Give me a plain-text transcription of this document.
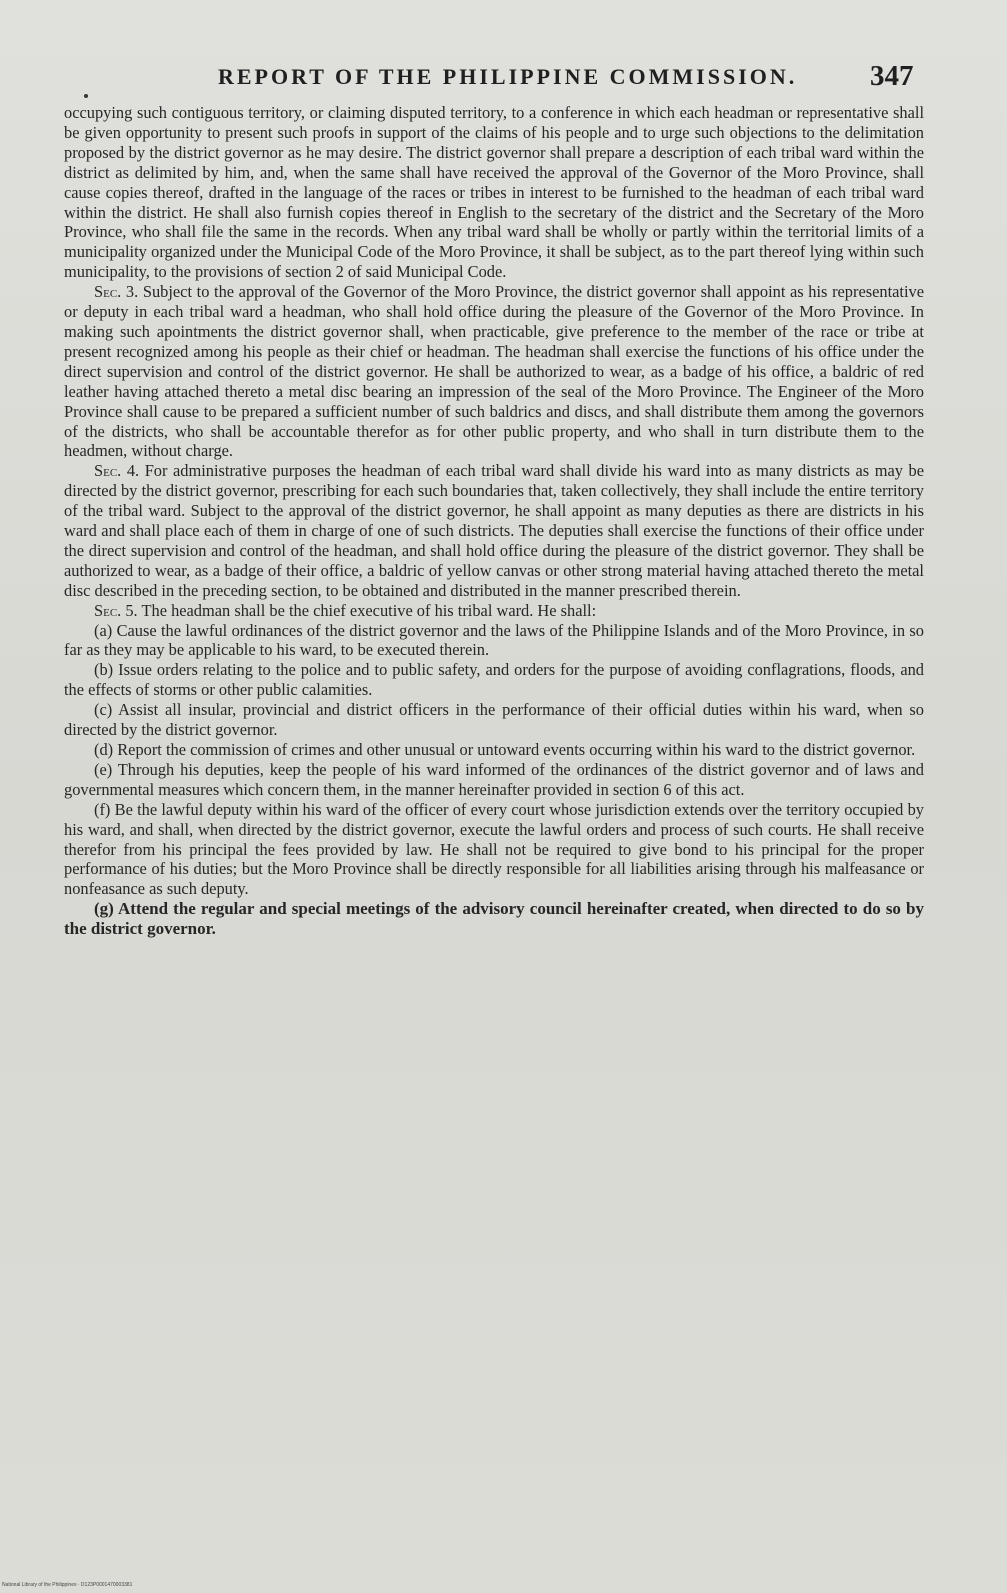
REPORT OF THE PHILIPPINE COMMISSION.	347

occupying such contiguous territory, or claiming disputed territory, to a conference in which each headman or representative shall be given opportunity to present such proofs in support of the claims of his people and to urge such objections to the delimitation proposed by the district governor as he may desire. The district governor shall prepare a description of each tribal ward within the district as delimited by him, and, when the same shall have received the approval of the Governor of the Moro Province, shall cause copies thereof, drafted in the language of the races or tribes in interest to be furnished to the headman of each tribal ward within the district. He shall also furnish copies thereof in English to the secretary of the district and the Secretary of the Moro Province, who shall file the same in the records. When any tribal ward shall be wholly or partly within the territorial limits of a municipality organized under the Municipal Code of the Moro Province, it shall be subject, as to the part thereof lying within such municipality, to the provisions of section 2 of said Municipal Code.

Sec. 3. Subject to the approval of the Governor of the Moro Province, the district governor shall appoint as his representative or deputy in each tribal ward a headman, who shall hold office during the pleasure of the Governor of the Moro Province. In making such apointments the district governor shall, when practicable, give preference to the member of the race or tribe at present recognized among his people as their chief or headman. The headman shall exercise the functions of his office under the direct supervision and control of the district governor. He shall be authorized to wear, as a badge of his office, a baldric of red leather having attached thereto a metal disc bearing an impression of the seal of the Moro Province. The Engineer of the Moro Province shall cause to be prepared a sufficient number of such baldrics and discs, and shall distribute them among the governors of the districts, who shall be accountable therefor as for other public property, and who shall in turn distribute them to the headmen, without charge.

Sec. 4. For administrative purposes the headman of each tribal ward shall divide his ward into as many districts as may be directed by the district governor, prescribing for each such boundaries that, taken collectively, they shall include the entire territory of the tribal ward. Subject to the approval of the district governor, he shall appoint as many deputies as there are districts in his ward and shall place each of them in charge of one of such districts. The deputies shall exercise the functions of their office under the direct supervision and control of the headman, and shall hold office during the pleasure of the district governor. They shall be authorized to wear, as a badge of their office, a baldric of yellow canvas or other strong material having attached thereto the metal disc described in the preceding section, to be obtained and distributed in the manner prescribed therein.

Sec. 5. The headman shall be the chief executive of his tribal ward. He shall:

(a) Cause the lawful ordinances of the district governor and the laws of the Philippine Islands and of the Moro Province, in so far as they may be applicable to his ward, to be executed therein.

(b) Issue orders relating to the police and to public safety, and orders for the purpose of avoiding conflagrations, floods, and the effects of storms or other public calamities.

(c) Assist all insular, provincial and district officers in the performance of their official duties within his ward, when so directed by the district governor.

(d) Report the commission of crimes and other unusual or untoward events occurring within his ward to the district governor.

(e) Through his deputies, keep the people of his ward informed of the ordinances of the district governor and of laws and governmental measures which concern them, in the manner hereinafter provided in section 6 of this act.

(f) Be the lawful deputy within his ward of the officer of every court whose jurisdiction extends over the territory occupied by his ward, and shall, when directed by the district governor, execute the lawful orders and process of such courts. He shall receive therefor from his principal the fees provided by law. He shall not be required to give bond to his principal for the proper performance of his duties; but the Moro Province shall be directly responsible for all liabilities arising through his malfeasance or nonfeasance as such deputy.

(g) Attend the regular and special meetings of the advisory council hereinafter created, when directed to do so by the district governor.

National Library of the Philippines · D123P0001470003381
